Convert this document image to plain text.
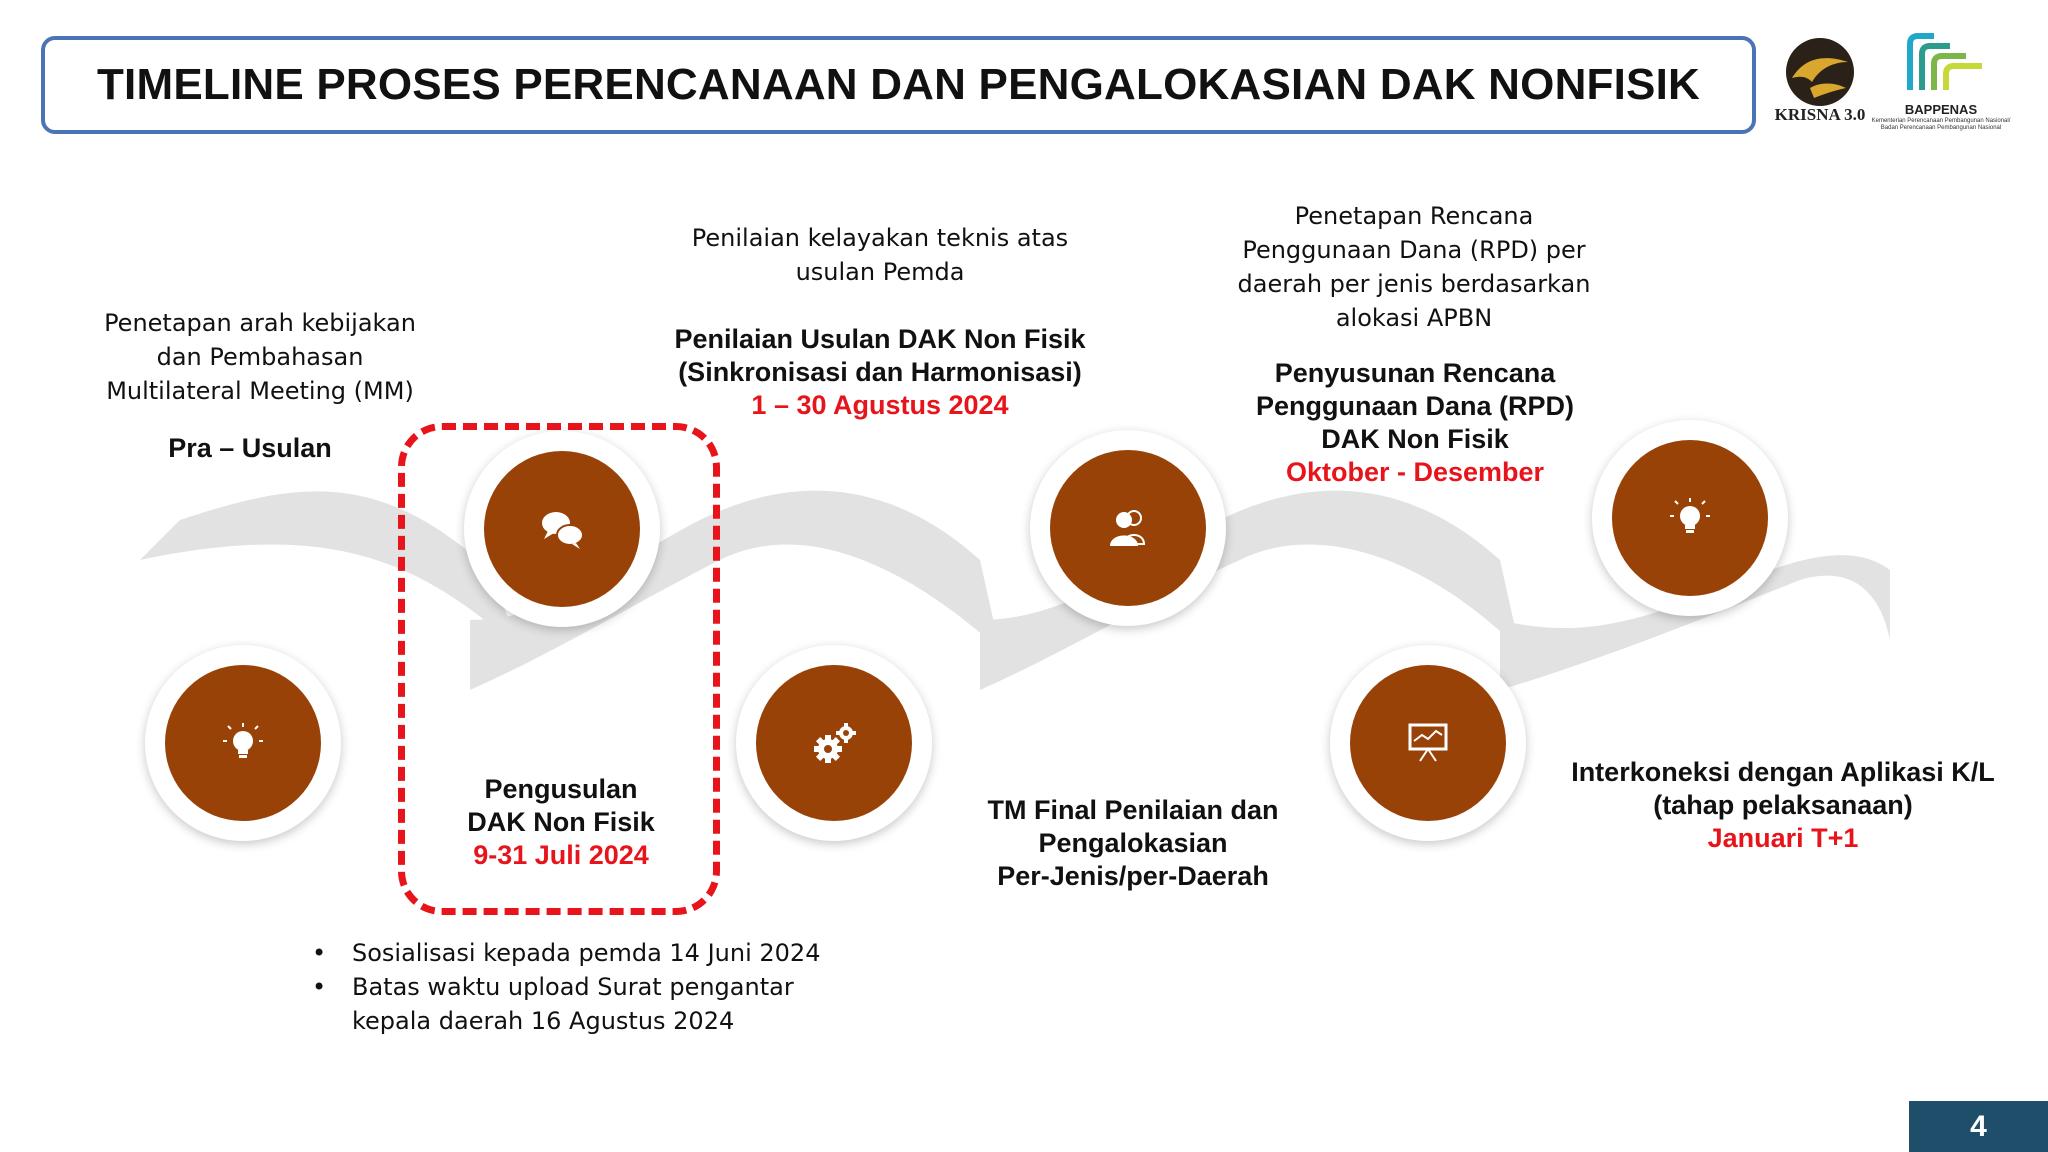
TIMELINE PROSES PERENCANAAN DAN PENGALOKASIAN DAK NONFISIK
KRISNA 3.0	BAPPENAS
Kementerian Perencanaan Pembangunan Nasional/
Badan Perencanaan Pembangunan Nasional
Penetapan arah kebijakan dan Pembahasan Multilateral Meeting (MM)
Pra – Usulan
Pengusulan
DAK Non Fisik
9-31 Juli 2024
Penilaian kelayakan teknis atas usulan Pemda
Penilaian Usulan DAK Non Fisik
(Sinkronisasi dan Harmonisasi)
1 – 30 Agustus 2024
TM Final Penilaian dan
Pengalokasian
Per-Jenis/per-Daerah
Penetapan Rencana Penggunaan Dana (RPD) per daerah per jenis berdasarkan alokasi APBN
Penyusunan Rencana
Penggunaan Dana (RPD)
DAK Non Fisik
Oktober - Desember
Interkoneksi dengan Aplikasi K/L
(tahap pelaksanaan)
Januari T+1
• Sosialisasi kepada pemda 14 Juni 2024
• Batas waktu upload Surat pengantar kepala daerah 16 Agustus 2024
4
